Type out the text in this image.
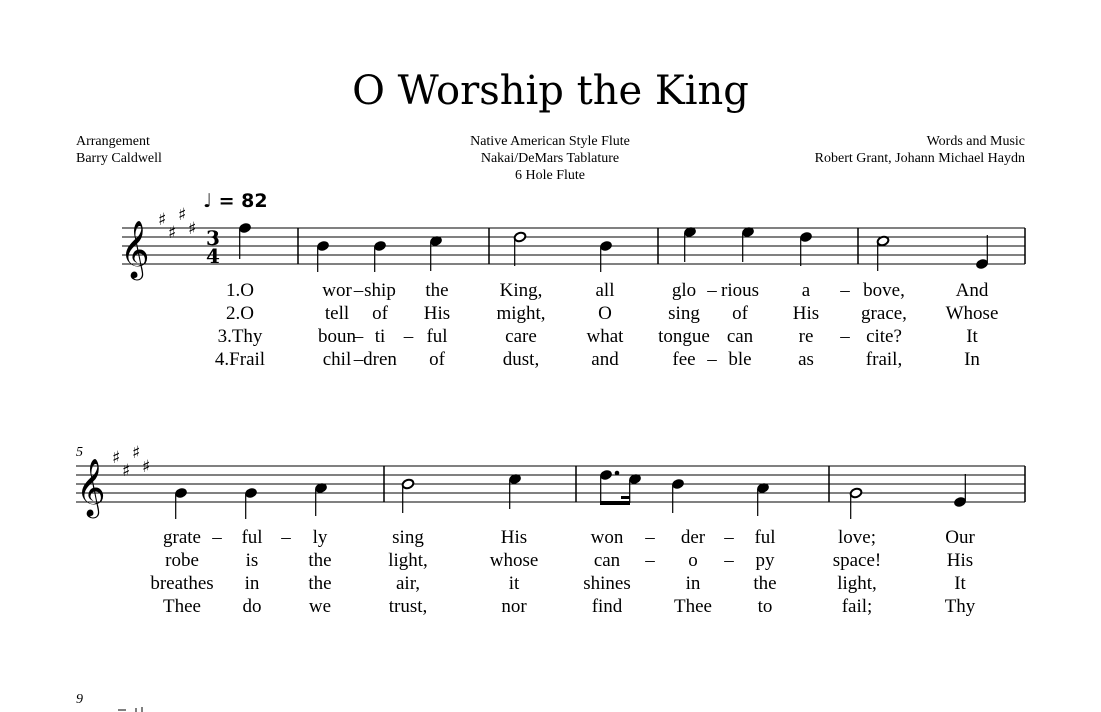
O Worship the King
Arrangement
Barry Caldwell
Native American Style Flute
Nakai/DeMars Tablature
6 Hole Flute
Words and Music
Robert Grant, Johann Michael Haydn
♩ = 82
5
9
𝄞 ♯
♯
♯
♯ 3
4
𝄞 ♯
♯
♯
♯
1.O	wor ship the	King,	all	glo rious a	bove,	And
–	–	–
2.O	tell of His might,	O	sing of His grace, Whose
3.Thy	boun ti ful	care	what tongue can re	cite?	It
– –	–
4.Frail	chil dren of	dust,	and	fee ble as	frail,	In
–	–
grate ful	ly	sing	His	won	der	ful	love;	Our
–	–	–	–
robe is	the	light,	whose	can	o	py	space!	His
–	–
breathes in	the	air,	it	shines	in	the	light,	It
Thee do we	trust,	nor	find	Thee to	fail;	Thy
